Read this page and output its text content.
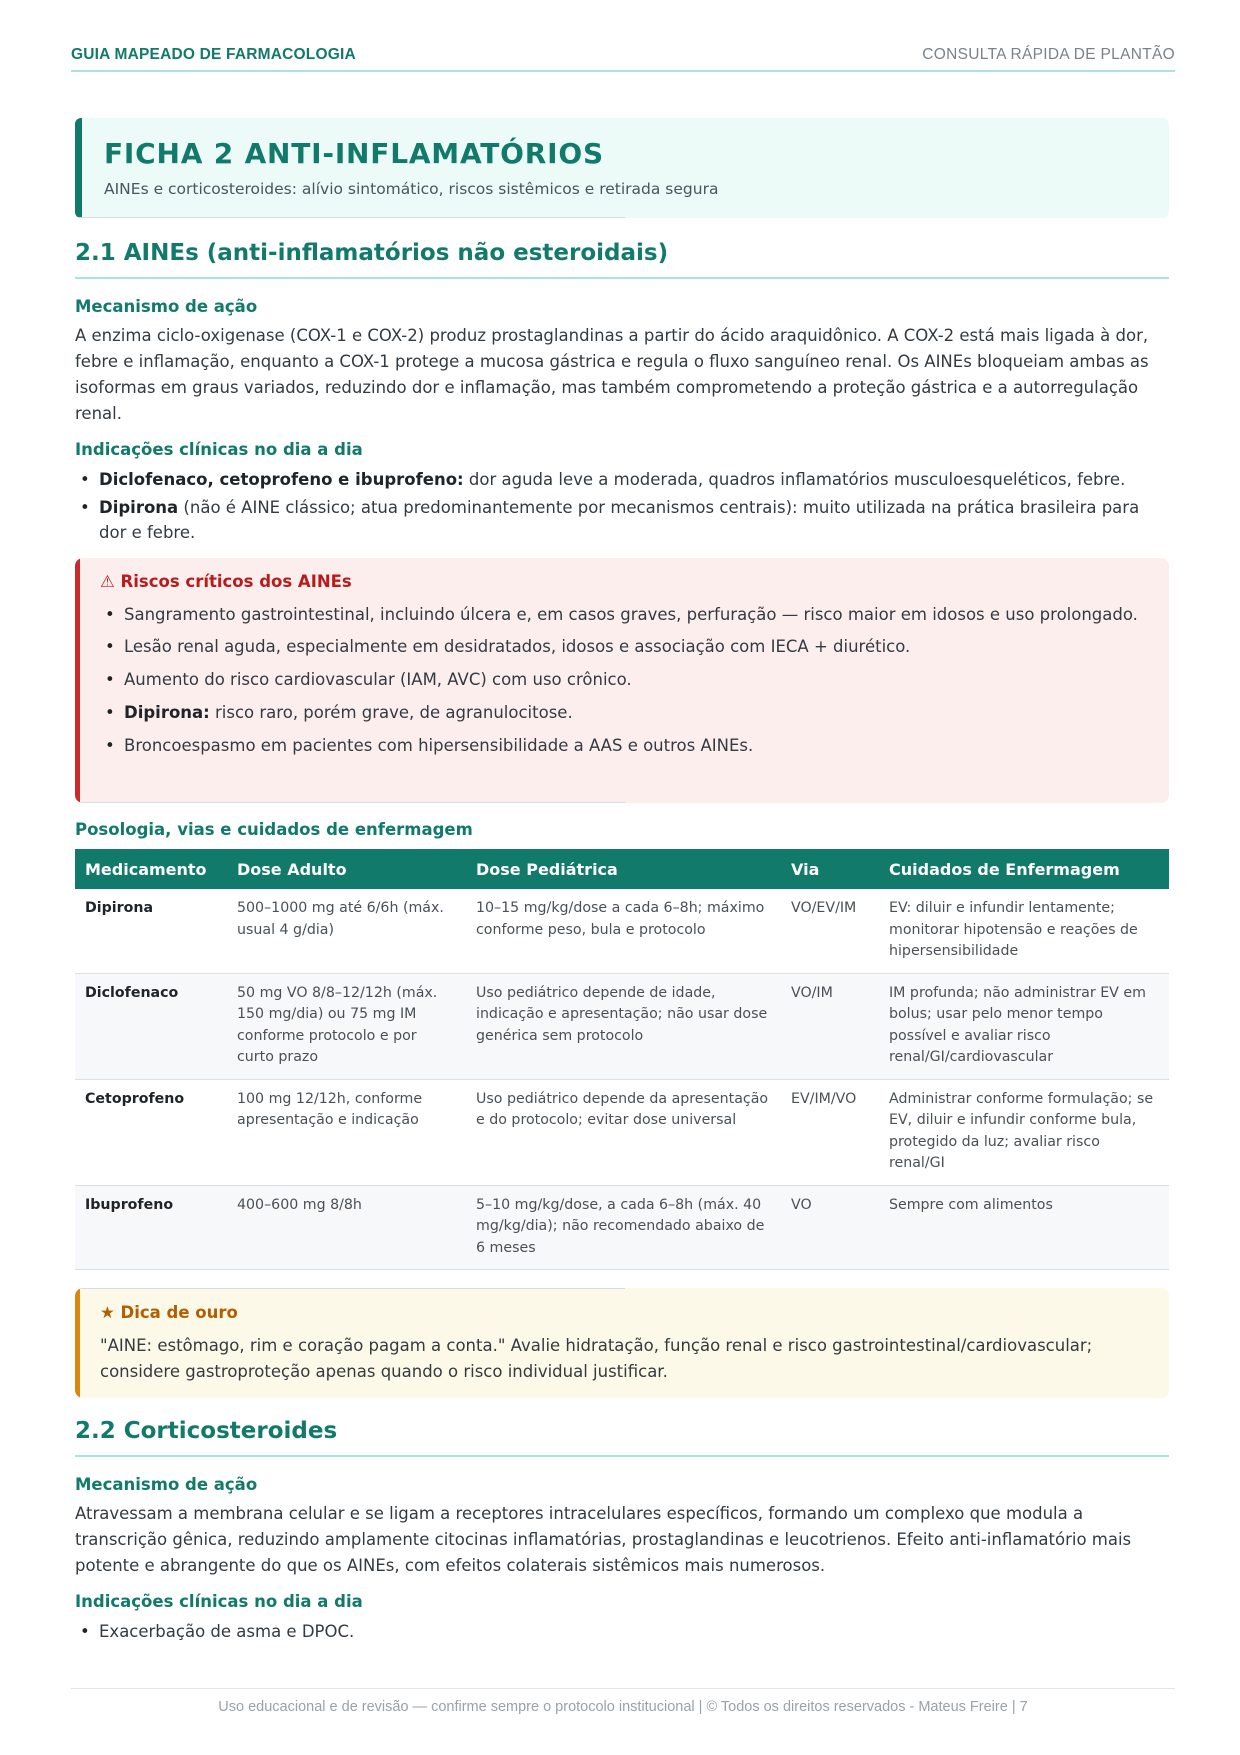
GUIA MAPEADO DE FARMACOLOGIA	CONSULTA RÁPIDA DE PLANTÃO
FICHA 2 ANTI-INFLAMATÓRIOS

AINEs e corticosteroides: alívio sintomático, riscos sistêmicos e retirada segura

2.1 AINEs (anti-inflamatórios não esteroidais)
Mecanismo de ação

A enzima ciclo-oxigenase (COX-1 e COX-2) produz prostaglandinas a partir do ácido araquidônico. A COX-2 está mais ligada à dor, febre e inflamação, enquanto a COX-1 protege a mucosa gástrica e regula o fluxo sanguíneo renal. Os AINEs bloqueiam ambas as isoformas em graus variados, reduzindo dor e inflamação, mas também comprometendo a proteção gástrica e a autorregulação renal.

Indicações clínicas no dia a dia
• Diclofenaco, cetoprofeno e ibuprofeno: dor aguda leve a moderada, quadros inflamatórios musculoesqueléticos, febre.
• Dipirona (não é AINE clássico; atua predominantemente por mecanismos centrais): muito utilizada na prática brasileira para dor e febre.
⚠ Riscos críticos dos AINEs
• Sangramento gastrointestinal, incluindo úlcera e, em casos graves, perfuração — risco maior em idosos e uso prolongado.
• Lesão renal aguda, especialmente em desidratados, idosos e associação com IECA + diurético.
• Aumento do risco cardiovascular (IAM, AVC) com uso crônico.
• Dipirona: risco raro, porém grave, de agranulocitose.
• Broncoespasmo em pacientes com hipersensibilidade a AAS e outros AINEs.
Posologia, vias e cuidados de enfermagem
Medicamento	Dose Adulto	Dose Pediátrica	Via	Cuidados de Enfermagem
Dipirona	500–1000 mg até 6/6h (máx. usual 4 g/dia)	10–15 mg/kg/dose a cada 6–8h; máximo conforme peso, bula e protocolo	VO/EV/IM	EV: diluir e infundir lentamente; monitorar hipotensão e reações de hipersensibilidade
Diclofenaco	50 mg VO 8/8–12/12h (máx. 150 mg/dia) ou 75 mg IM conforme protocolo e por curto prazo	Uso pediátrico depende de idade, indicação e apresentação; não usar dose genérica sem protocolo	VO/IM	IM profunda; não administrar EV em bolus; usar pelo menor tempo possível e avaliar risco renal/GI/cardiovascular
Cetoprofeno	100 mg 12/12h, conforme apresentação e indicação	Uso pediátrico depende da apresentação e do protocolo; evitar dose universal	EV/IM/VO	Administrar conforme formulação; se EV, diluir e infundir conforme bula, protegido da luz; avaliar risco renal/GI
Ibuprofeno	400–600 mg 8/8h	5–10 mg/kg/dose, a cada 6–8h (máx. 40 mg/kg/dia); não recomendado abaixo de 6 meses	VO	Sempre com alimentos
★ Dica de ouro

"AINE: estômago, rim e coração pagam a conta." Avalie hidratação, função renal e risco gastrointestinal/cardiovascular; considere gastroproteção apenas quando o risco individual justificar.

2.2 Corticosteroides
Mecanismo de ação

Atravessam a membrana celular e se ligam a receptores intracelulares específicos, formando um complexo que modula a transcrição gênica, reduzindo amplamente citocinas inflamatórias, prostaglandinas e leucotrienos. Efeito anti-inflamatório mais potente e abrangente do que os AINEs, com efeitos colaterais sistêmicos mais numerosos.

Indicações clínicas no dia a dia
• Exacerbação de asma e DPOC.
Uso educacional e de revisão — confirme sempre o protocolo institucional | © Todos os direitos reservados - Mateus Freire | 7
